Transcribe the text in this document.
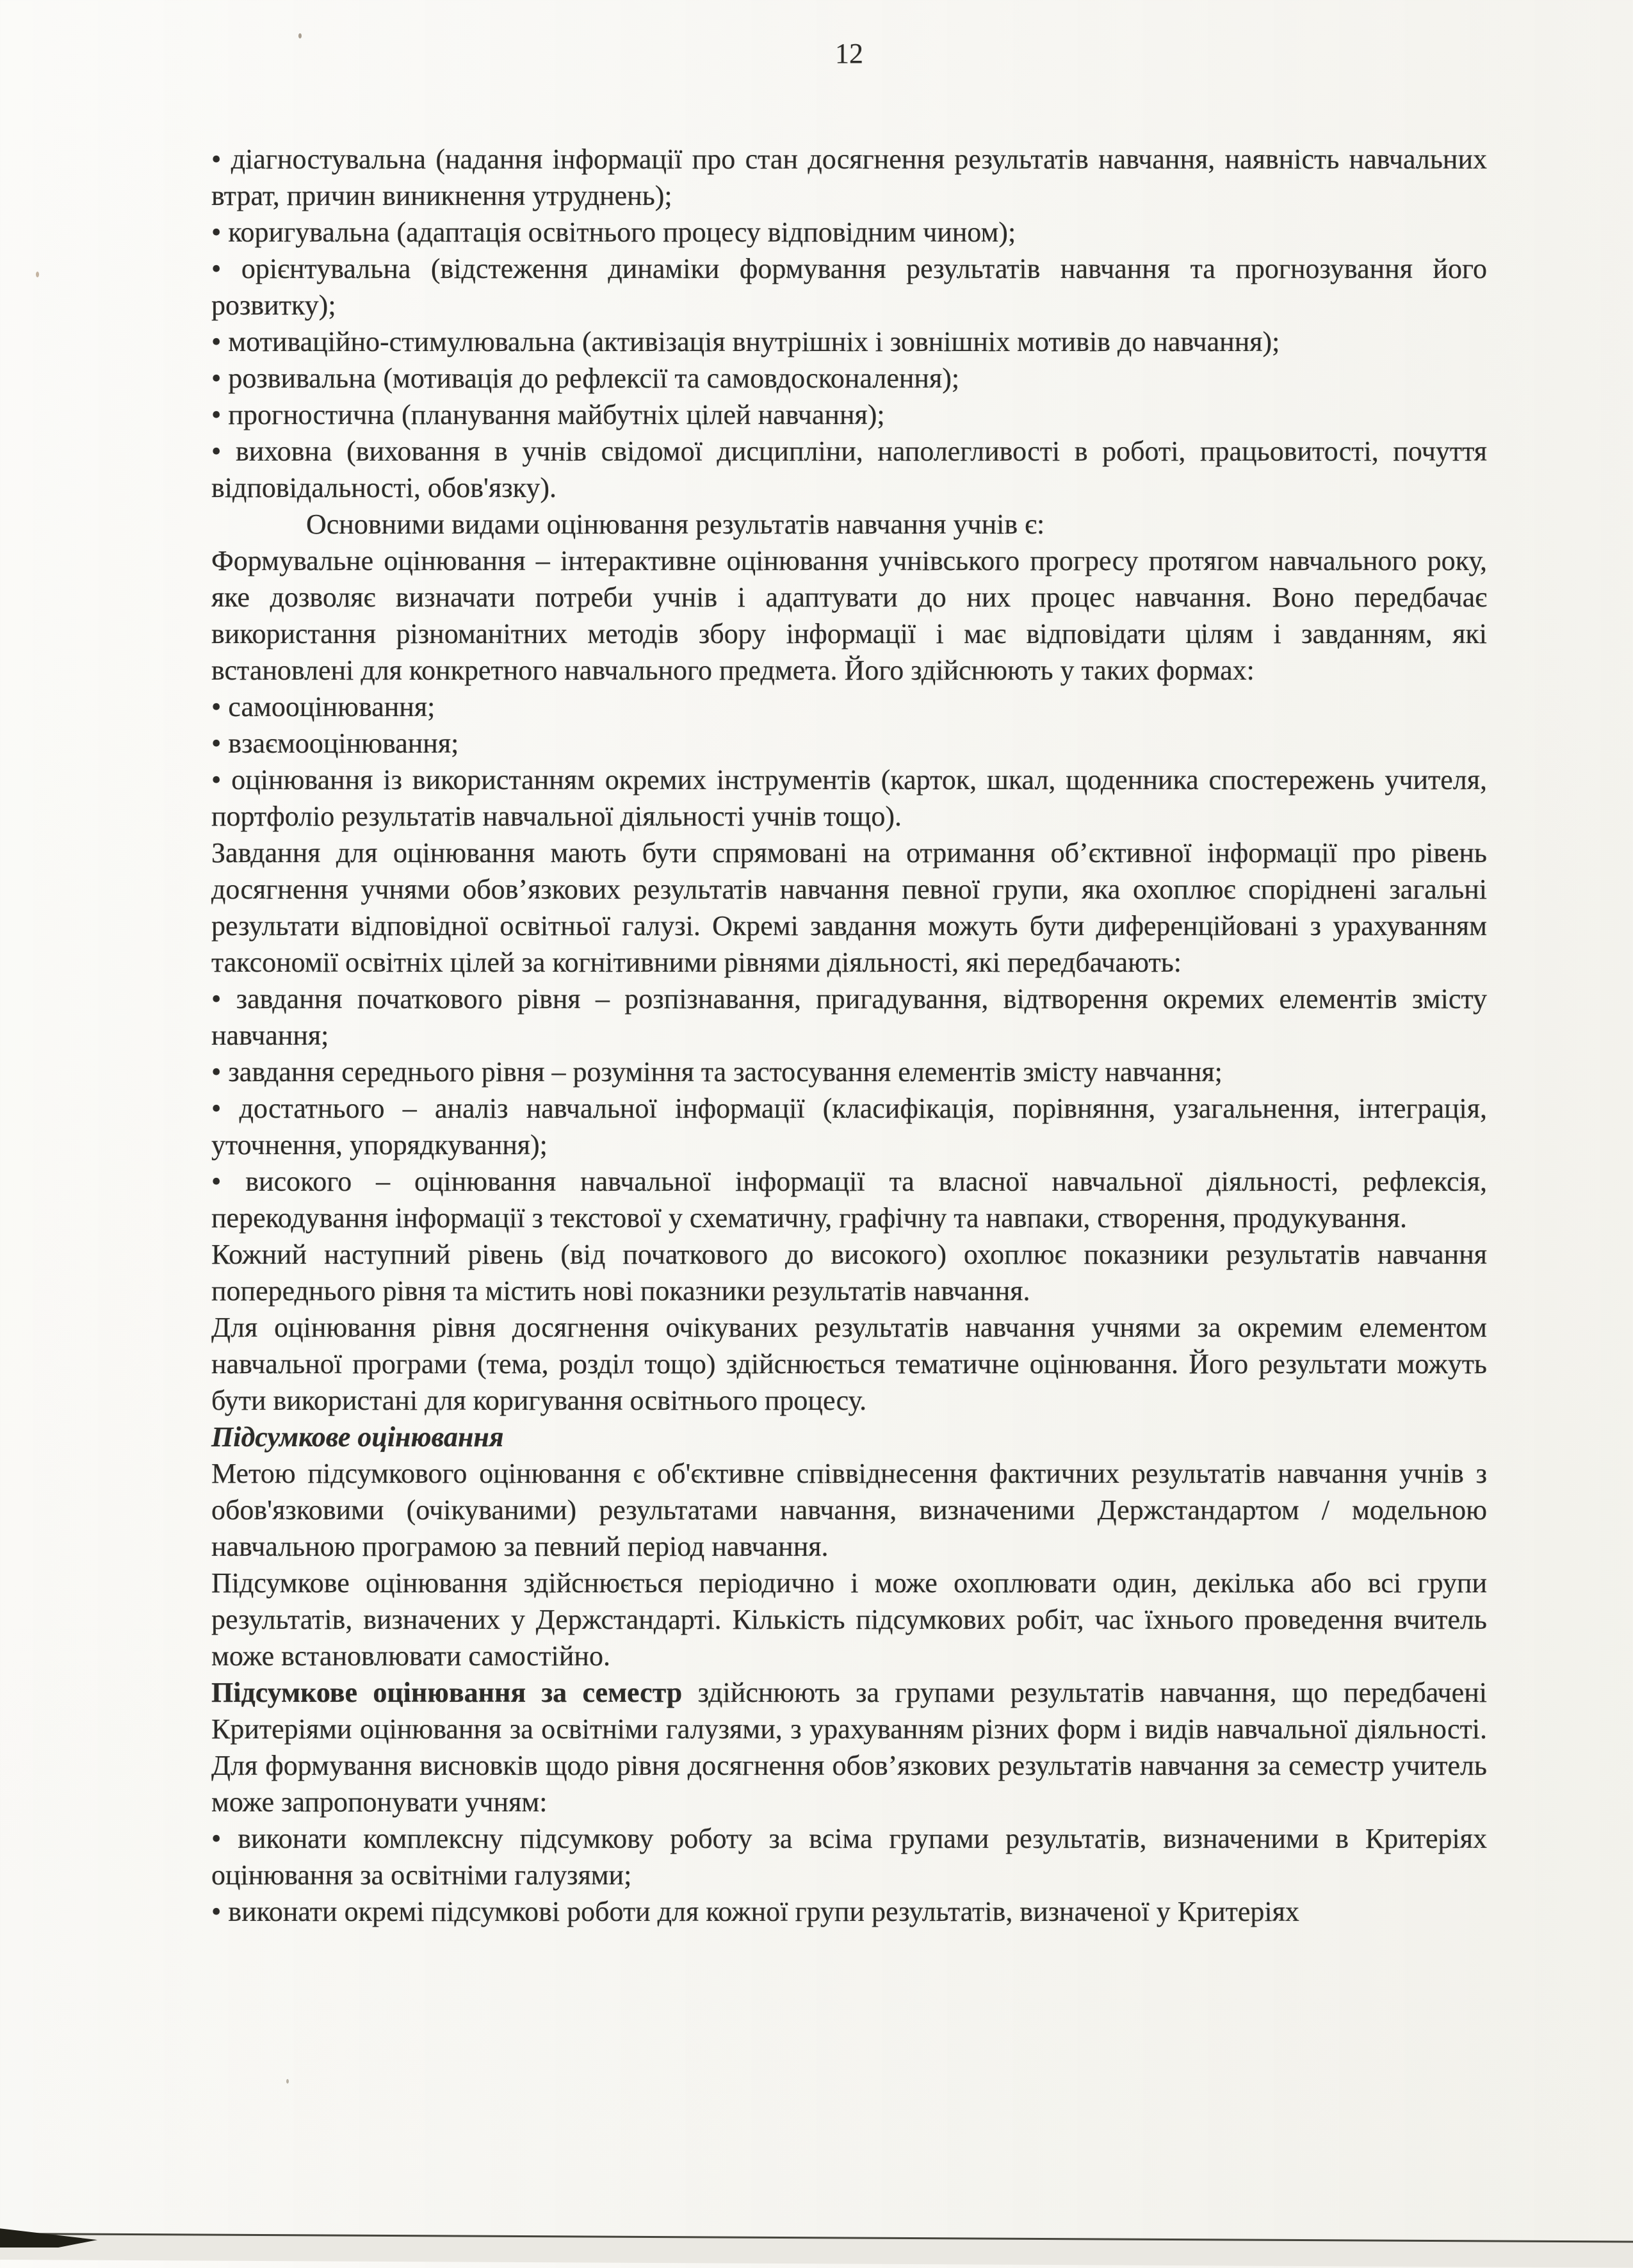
12

• діагностувальна (надання інформації про стан досягнення результатів навчання, наявність навчальних втрат, причин виникнення утруднень);

• коригувальна (адаптація освітнього процесу відповідним чином);

• орієнтувальна (відстеження динаміки формування результатів навчання та прогнозування його розвитку);

• мотиваційно-стимулювальна (активізація внутрішніх і зовнішніх мотивів до навчання);

• розвивальна (мотивація до рефлексії та самовдосконалення);

• прогностична (планування майбутніх цілей навчання);

• виховна (виховання в учнів свідомої дисципліни, наполегливості в роботі, працьовитості, почуття відповідальності, обов'язку).

Основними видами оцінювання результатів навчання учнів є:

Формувальне оцінювання – інтерактивне оцінювання учнівського прогресу протягом навчального року, яке дозволяє визначати потреби учнів і адаптувати до них процес навчання. Воно передбачає використання різноманітних методів збору інформації і має відповідати цілям і завданням, які встановлені для конкретного навчального предмета. Його здійснюють у таких формах:

• самооцінювання;

• взаємооцінювання;

• оцінювання із використанням окремих інструментів (карток, шкал, щоденника спостережень учителя, портфоліо результатів навчальної діяльності учнів тощо).

Завдання для оцінювання мають бути спрямовані на отримання об’єктивної інформації про рівень досягнення учнями обов’язкових результатів навчання певної групи, яка охоплює споріднені загальні результати відповідної освітньої галузі. Окремі завдання можуть бути диференційовані з урахуванням таксономії освітніх цілей за когнітивними рівнями діяльності, які передбачають:

• завдання початкового рівня – розпізнавання, пригадування, відтворення окремих елементів змісту навчання;

• завдання середнього рівня – розуміння та застосування елементів змісту навчання;

• достатнього – аналіз навчальної інформації (класифікація, порівняння, узагальнення, інтеграція, уточнення, упорядкування);

• високого – оцінювання навчальної інформації та власної навчальної діяльності, рефлексія, перекодування інформації з текстової у схематичну, графічну та навпаки, створення, продукування.

Кожний наступний рівень (від початкового до високого) охоплює показники результатів навчання попереднього рівня та містить нові показники результатів навчання.

Для оцінювання рівня досягнення очікуваних результатів навчання учнями за окремим елементом навчальної програми (тема, розділ тощо) здійснюється тематичне оцінювання. Його результати можуть бути використані для коригування освітнього процесу.

Підсумкове оцінювання

Метою підсумкового оцінювання є об'єктивне співвіднесення фактичних результатів навчання учнів з обов'язковими (очікуваними) результатами навчання, визначеними Держстандартом / модельною навчальною програмою за певний період навчання.

Підсумкове оцінювання здійснюється періодично і може охоплювати один, декілька або всі групи результатів, визначених у Держстандарті. Кількість підсумкових робіт, час їхнього проведення вчитель може встановлювати самостійно.

Підсумкове оцінювання за семестр здійснюють за групами результатів навчання, що передбачені Критеріями оцінювання за освітніми галузями, з урахуванням різних форм і видів навчальної діяльності. Для формування висновків щодо рівня досягнення обов’язкових результатів навчання за семестр учитель може запропонувати учням:

• виконати комплексну підсумкову роботу за всіма групами результатів, визначеними в Критеріях оцінювання за освітніми галузями;

• виконати окремі підсумкові роботи для кожної групи результатів, визначеної у Критеріях
